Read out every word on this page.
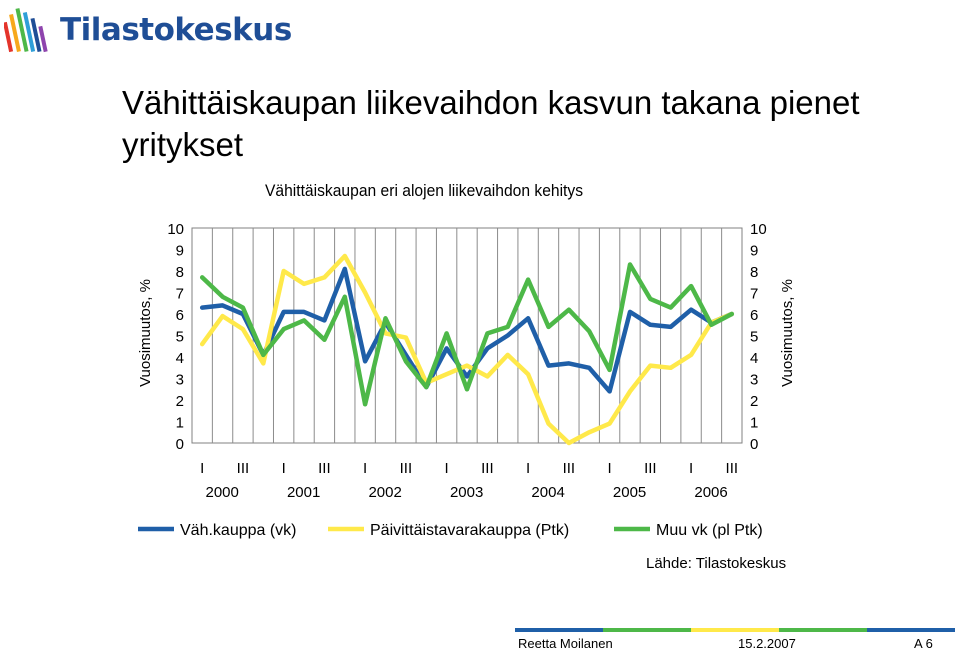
Tilastokeskus
Vähittäiskaupan liikevaihdon kasvun takana pienet yritykset
Vähittäiskaupan eri alojen liikevaihdon kehitys
Vuosimuutos, %	Vuosimuutos, %
0	0
1	1
2	2
3	3
4	4
5	5
6	6
7	7
8	8
9	9
10	10
I III I III I III I III I III I III I III
2000	2001	2002	2003	2004	2005	2006
Väh.kauppa (vk)	Päivittäistavarakauppa (Ptk)	Muu vk (pl Ptk)
Lähde: Tilastokeskus
Reetta Moilanen	15.2.2007	A 6
